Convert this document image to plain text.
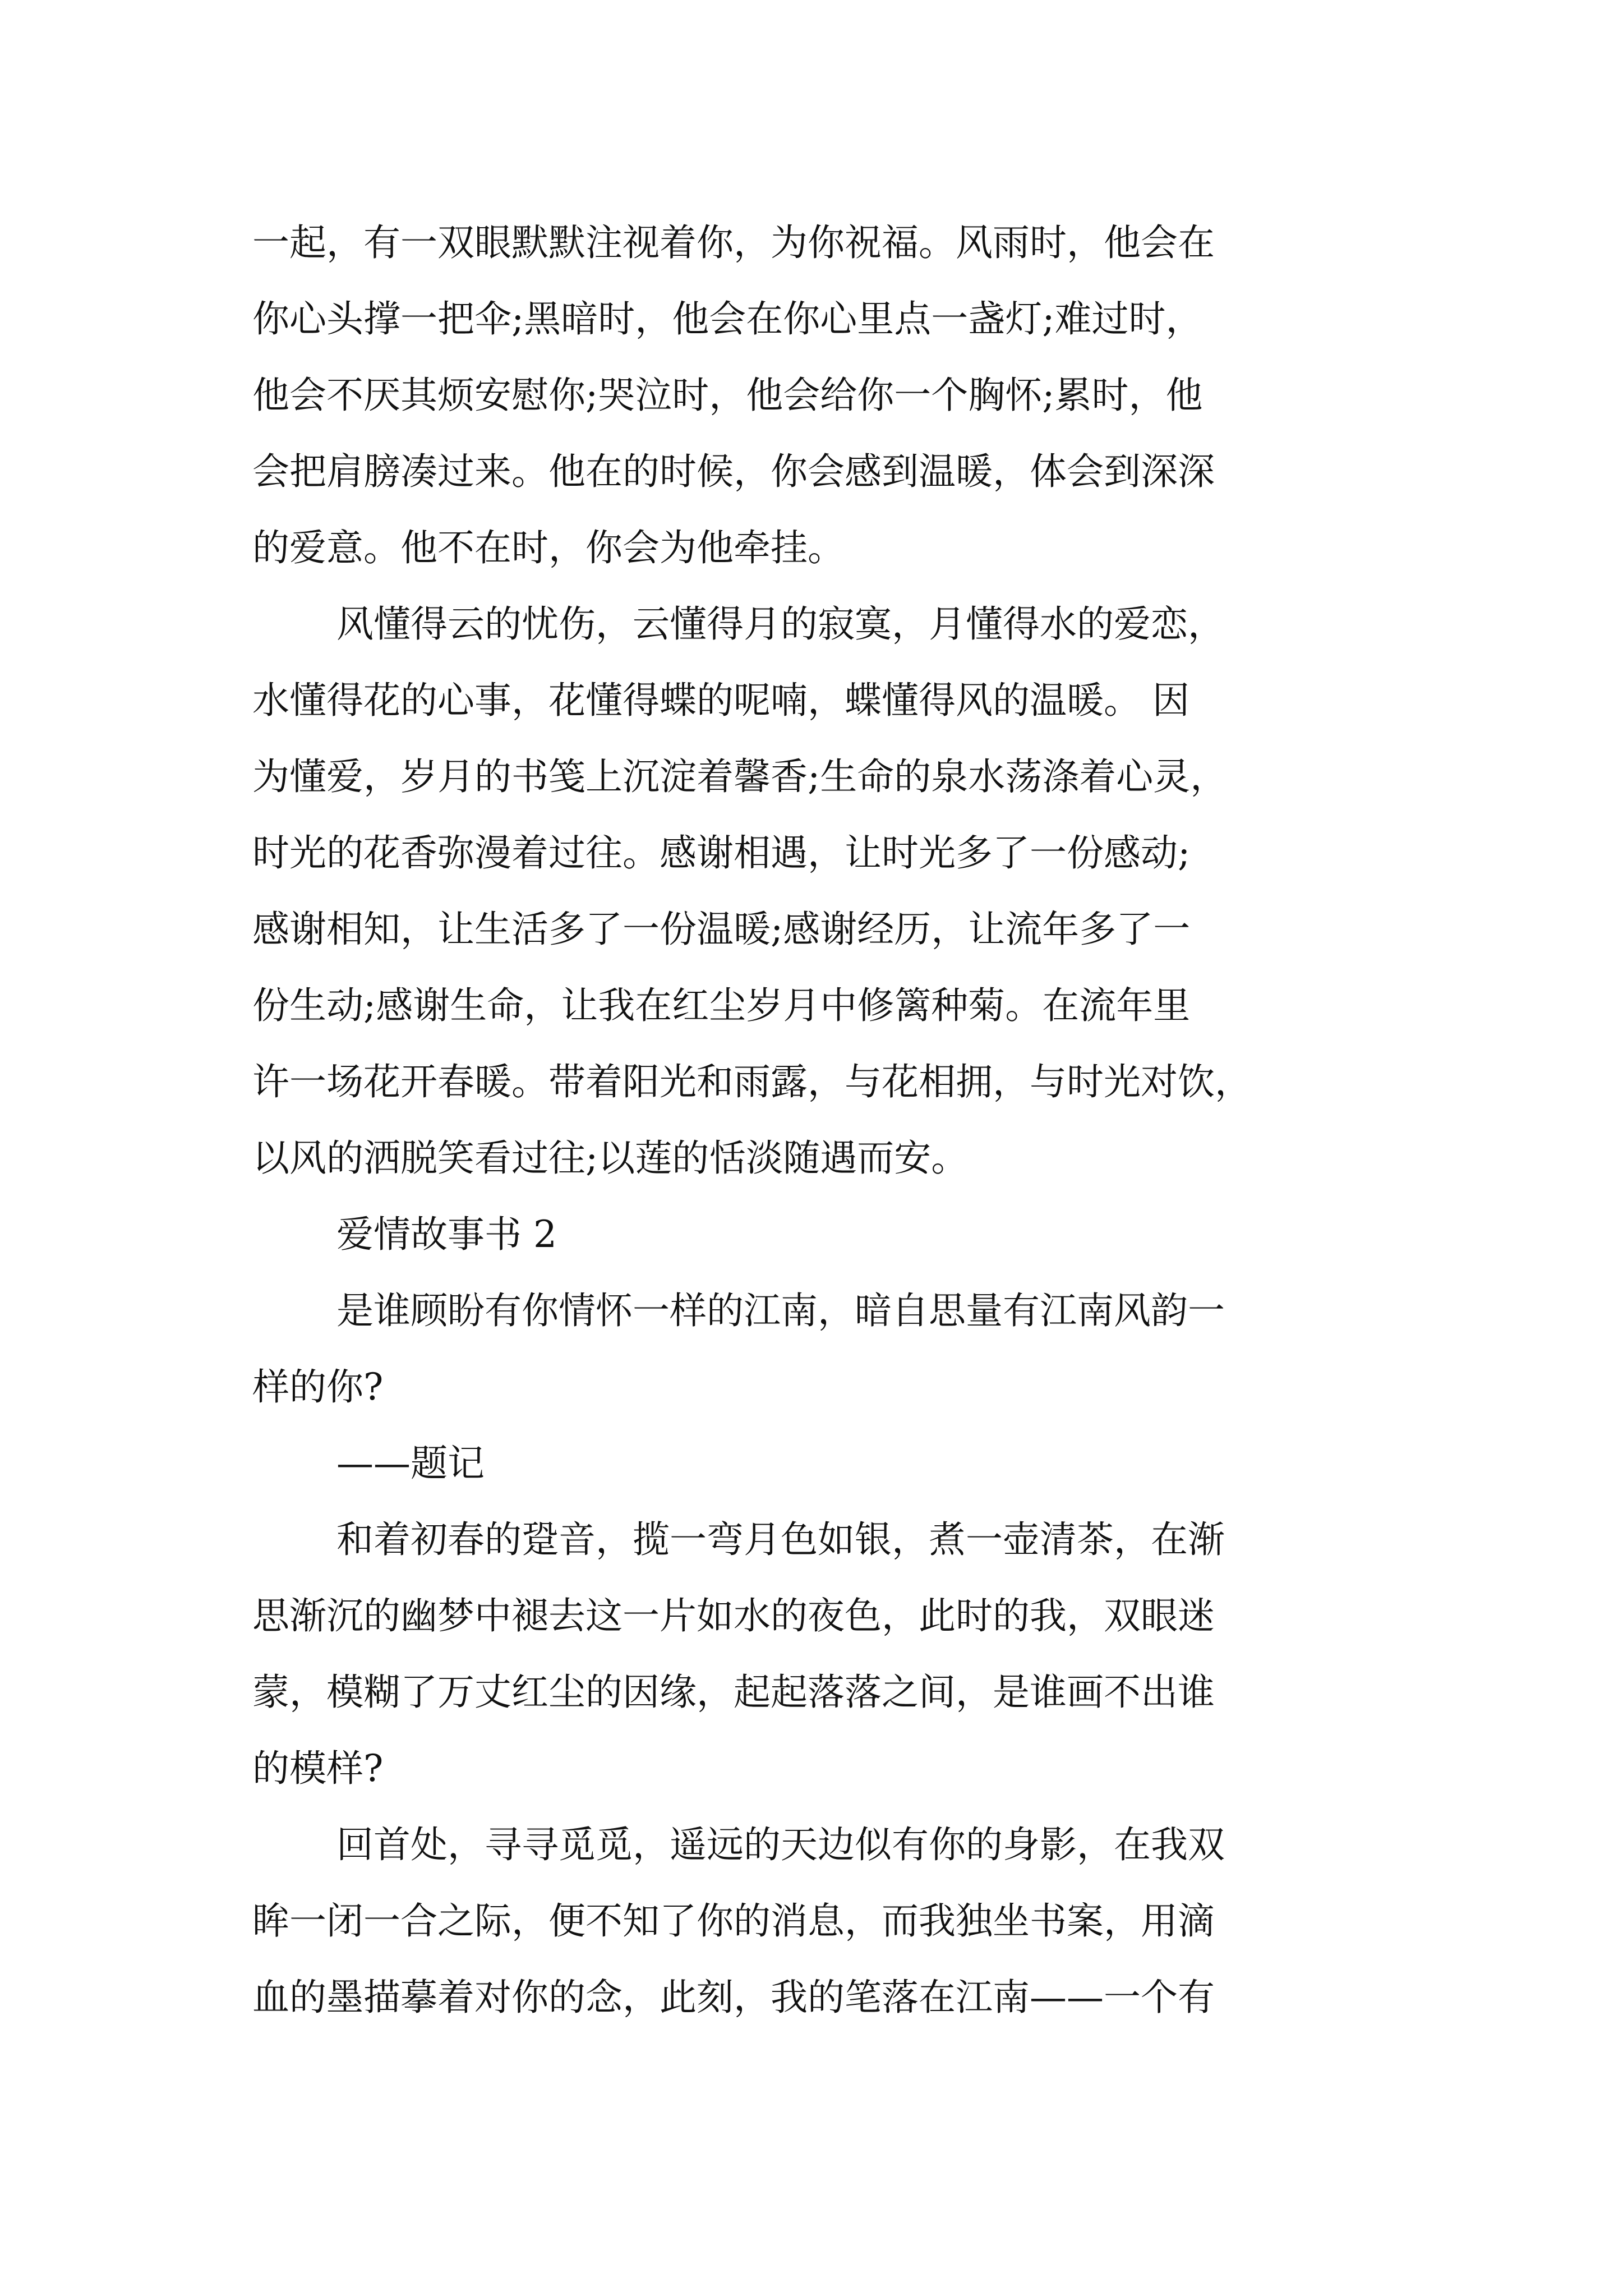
一起，有一双眼默默注视着你，为你祝福。风雨时，他会在
你心头撑一把伞;黑暗时，他会在你心里点一盏灯;难过时，
他会不厌其烦安慰你;哭泣时，他会给你一个胸怀;累时，他
会把肩膀凑过来。他在的时候，你会感到温暖，体会到深深
的爱意。他不在时，你会为他牵挂。
风懂得云的忧伤，云懂得月的寂寞，月懂得水的爱恋，
水懂得花的心事，花懂得蝶的呢喃，蝶懂得风的温暖。 因
为懂爱，岁月的书笺上沉淀着馨香;生命的泉水荡涤着心灵，
时光的花香弥漫着过往。感谢相遇，让时光多了一份感动;
感谢相知，让生活多了一份温暖;感谢经历，让流年多了一
份生动;感谢生命，让我在红尘岁月中修篱种菊。在流年里
许一场花开春暖。带着阳光和雨露，与花相拥，与时光对饮，
以风的洒脱笑看过往;以莲的恬淡随遇而安。
爱情故事书 2
是谁顾盼有你情怀一样的江南，暗自思量有江南风韵一
样的你?
——题记
和着初春的跫音，揽一弯月色如银，煮一壶清茶，在渐
思渐沉的幽梦中褪去这一片如水的夜色，此时的我，双眼迷
蒙，模糊了万丈红尘的因缘，起起落落之间，是谁画不出谁
的模样?
回首处，寻寻觅觅，遥远的天边似有你的身影，在我双
眸一闭一合之际，便不知了你的消息，而我独坐书案，用滴
血的墨描摹着对你的念，此刻，我的笔落在江南——一个有
